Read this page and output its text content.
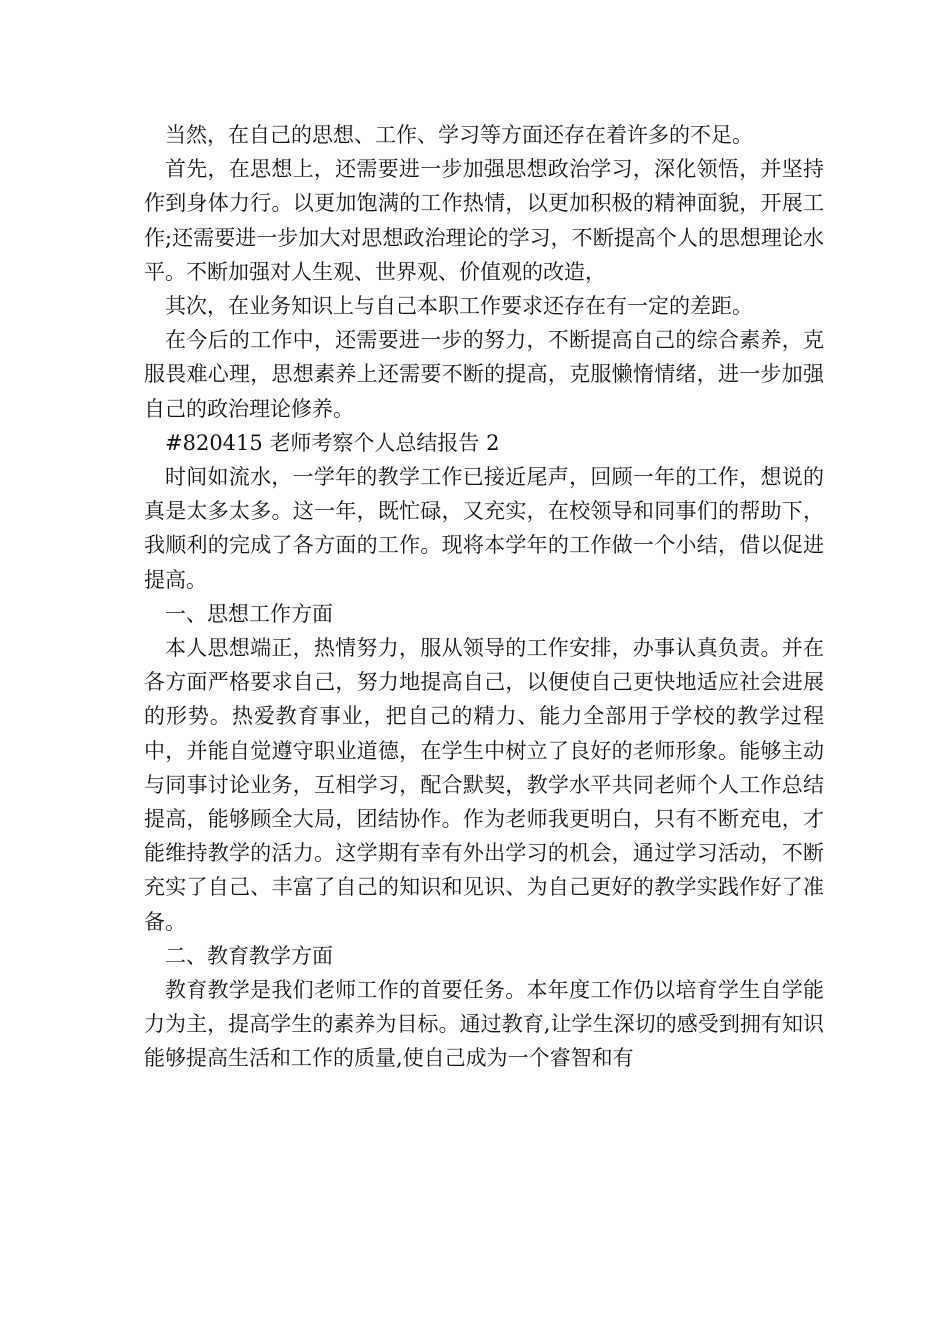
当然，在自己的思想、工作、学习等方面还存在着许多的不足。

首先，在思想上，还需要进一步加强思想政治学习，深化领悟，并坚持作到身体力行。以更加饱满的工作热情，以更加积极的精神面貌，开展工作;还需要进一步加大对思想政治理论的学习，不断提高个人的思想理论水平。不断加强对人生观、世界观、价值观的改造，

其次，在业务知识上与自己本职工作要求还存在有一定的差距。

在今后的工作中，还需要进一步的努力，不断提高自己的综合素养，克服畏难心理，思想素养上还需要不断的提高，克服懒惰情绪，进一步加强自己的政治理论修养。

#820415 老师考察个人总结报告 2

时间如流水，一学年的教学工作已接近尾声，回顾一年的工作，想说的真是太多太多。这一年，既忙碌，又充实，在校领导和同事们的帮助下，我顺利的完成了各方面的工作。现将本学年的工作做一个小结，借以促进提高。

一、思想工作方面

本人思想端正，热情努力，服从领导的工作安排，办事认真负责。并在各方面严格要求自己，努力地提高自己，以便使自己更快地适应社会进展的形势。热爱教育事业，把自己的精力、能力全部用于学校的教学过程中，并能自觉遵守职业道德，在学生中树立了良好的老师形象。能够主动与同事讨论业务，互相学习，配合默契，教学水平共同老师个人工作总结提高，能够顾全大局，团结协作。作为老师我更明白，只有不断充电，才能维持教学的活力。这学期有幸有外出学习的机会，通过学习活动，不断充实了自己、丰富了自己的知识和见识、为自己更好的教学实践作好了准备。

二、教育教学方面

教育教学是我们老师工作的首要任务。本年度工作仍以培育学生自学能力为主，提高学生的素养为目标。通过教育,让学生深切的感受到拥有知识能够提高生活和工作的质量,使自己成为一个睿智和有
